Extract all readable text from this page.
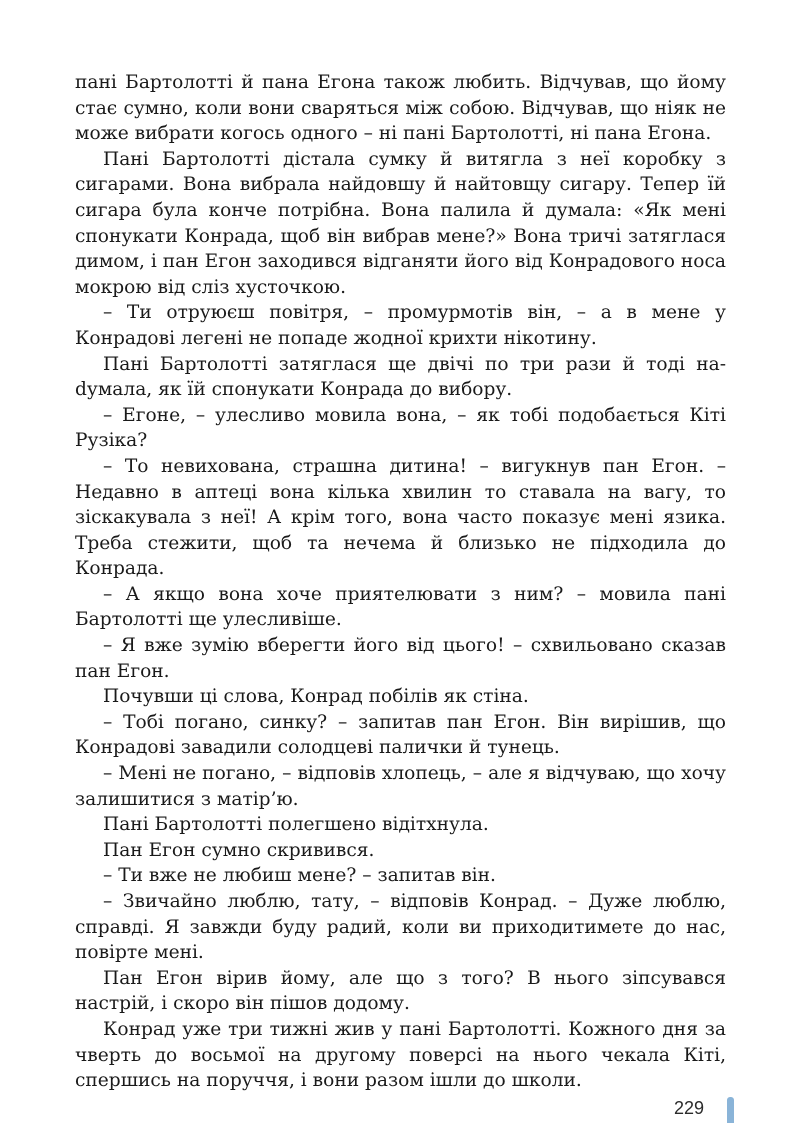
пані Бартолотті й пана Егона також любить. Відчував, що йому стає сумно, коли вони сваряться між собою. Відчував, що ніяк не може вибрати когось одного – ні пані Бартолотті, ні пана Егона.

Пані Бартолотті дістала сумку й витягла з неї коробку з сигарами. Вона вибрала найдовшу й найтовщу сигару. Тепер їй сигара була конче потрібна. Вона палила й думала: «Як мені спонукати Конрада, щоб він вибрав мене?» Вона тричі затяглася димом, і пан Егон заходився відганяти його від Конрадового носа мокрою від сліз хусточкою.

– Ти отруюєш повітря, – промурмотів він, – а в мене у Конрадові легені не попаде жодної крихти нікотину.

Пані Бартолотті затяглася ще двічі по три рази й тоді наdумала, як їй спонукати Конрада до вибору.

– Егоне, – улесливо мовила вона, – як тобі подобається Кіті Рузіка?

– То невихована, страшна дитина! – вигукнув пан Егон. – Недавно в аптеці вона кілька хвилин то ставала на вагу, то зіскакувала з неї! А крім того, вона часто показує мені язика. Треба стежити, щоб та нечема й близько не підходила до Конрада.

– А якщо вона хоче приятелювати з ним? – мовила пані Бартолотті ще улесливіше.

– Я вже зумію вберегти його від цього! – схвильовано сказав пан Егон.

Почувши ці слова, Конрад побілів як стіна.

– Тобі погано, синку? – запитав пан Егон. Він вирішив, що Конрадові завадили солодцеві палички й тунець.

– Мені не погано, – відповів хлопець, – але я відчуваю, що хочу залишитися з матір’ю.

Пані Бартолотті полегшено відітхнула.

Пан Егон сумно скривився.

– Ти вже не любиш мене? – запитав він.

– Звичайно люблю, тату, – відповів Конрад. – Дуже люблю, справді. Я завжди буду радий, коли ви приходитимете до нас, повірте мені.

Пан Егон вірив йому, але що з того? В нього зіпсувався настрій, і скоро він пішов додому.

Конрад уже три тижні жив у пані Бартолотті. Кожного дня за чверть до восьмої на другому поверсі на нього чекала Кіті, спершись на поруччя, і вони разом ішли до школи.

229
